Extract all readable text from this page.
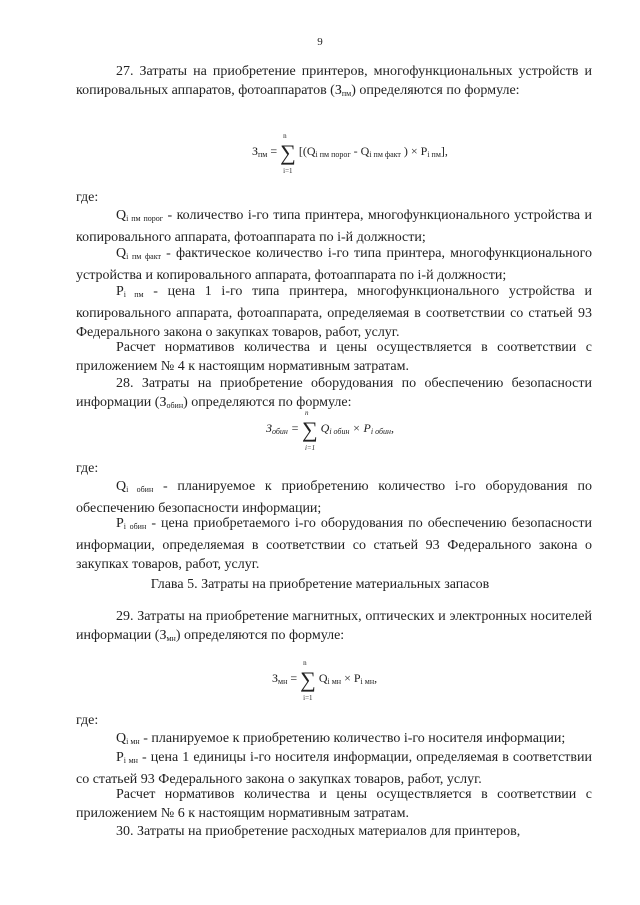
9
27. Затраты на приобретение принтеров, многофункциональных устройств и копировальных аппаратов, фотоаппаратов $(З_{пм})$ определяются по формуле:
$З_{пм}$ = ∑
n
i=1
[($Q_{i пм порог} - Q_{i пм факт}$ ) × $P_{i пм}$],
где:
$Q_{i пм порог}$ - количество i-го типа принтера, многофункционального устройства и копировального аппарата, фотоаппарата по i-й должности;
$Q_{i пм факт}$ - фактическое количество i-го типа принтера, многофункционального устройства и копировального аппарата, фотоаппарата по i-й должности;
$P_{i пм}$ - цена 1 i-го типа принтера, многофункционального устройства и копировального аппарата, фотоаппарата, определяемая в соответствии со статьей 93 Федерального закона о закупках товаров, работ, услуг.
Расчет нормативов количества и цены осуществляется в соответствии с приложением № 4 к настоящим нормативным затратам.
28. Затраты на приобретение оборудования по обеспечению безопасности информации $(З_{обин})$ определяются по формуле:
$З_{обин}$ = ∑
n
i=1
$Q_{i обин} \times P_{i обин}$,
где:
$Q_{i обин}$ - планируемое к приобретению количество i-го оборудования по обеспечению безопасности информации;
$P_{i обин}$ - цена приобретаемого i-го оборудования по обеспечению безопасности информации, определяемая в соответствии со статьей 93 Федерального закона о закупках товаров, работ, услуг.
Глава 5. Затраты на приобретение материальных запасов
29. Затраты на приобретение магнитных, оптических и электронных носителей информации $(З_{мн})$ определяются по формуле:
$З_{мн}$ = ∑
n
i=1
$Q_{i мн} \times P_{i мн}$,
где:
$Q_{i мн}$ - планируемое к приобретению количество i-го носителя информации;
$P_{i мн}$ - цена 1 единицы i-го носителя информации, определяемая в соответствии со статьей 93 Федерального закона о закупках товаров, работ, услуг.
Расчет нормативов количества и цены осуществляется в соответствии с приложением № 6 к настоящим нормативным затратам.
30. Затраты на приобретение расходных материалов для принтеров,
